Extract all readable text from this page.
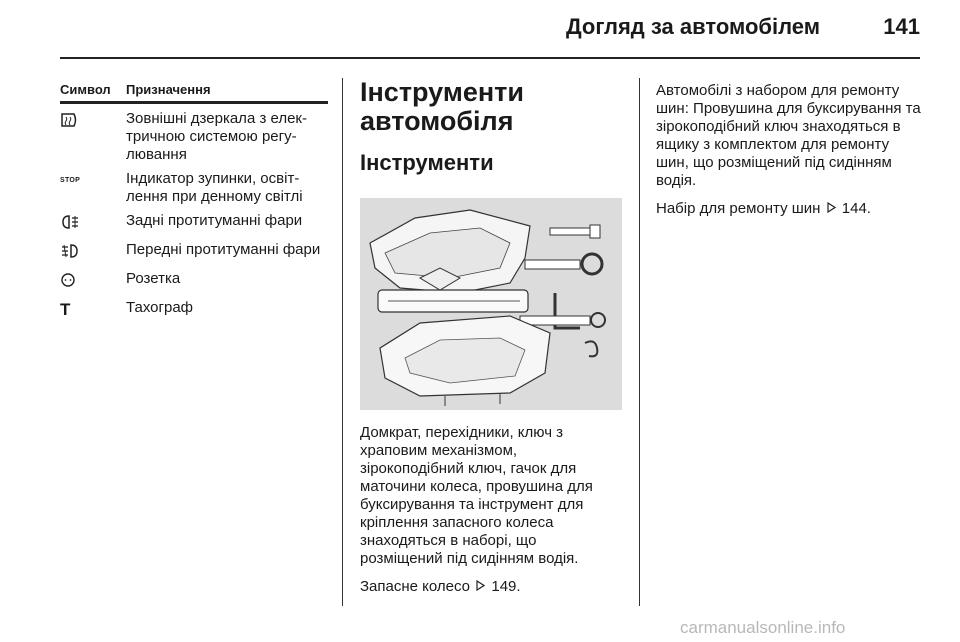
Догляд за автомобілем	141
Символ	Призначення
Зовнішні дзеркала з елек-тричною системою регу-лювання
STOP	Індикатор зупинки, освіт-лення при денному світлі
Задні протитуманні фари
Передні протитуманні фари
Розетка
T	Тахограф
Інструменти
автомобіля
Інструменти
Домкрат, перехідники, ключ з храповим механізмом, зірокоподібний ключ, гачок для маточини колеса, провушина для буксирування та інструмент для кріплення запасного колеса знаходяться в наборі, що розміщений під сидінням водія.
Запасне колесо 149.

Автомобілі з набором для ремонту шин: Провушина для буксирування та зірокоподібний ключ знаходяться в ящику з комплектом для ремонту шин, що розміщений під сидінням водія.

Набір для ремонту шин 144.

carmanualsonline.info
